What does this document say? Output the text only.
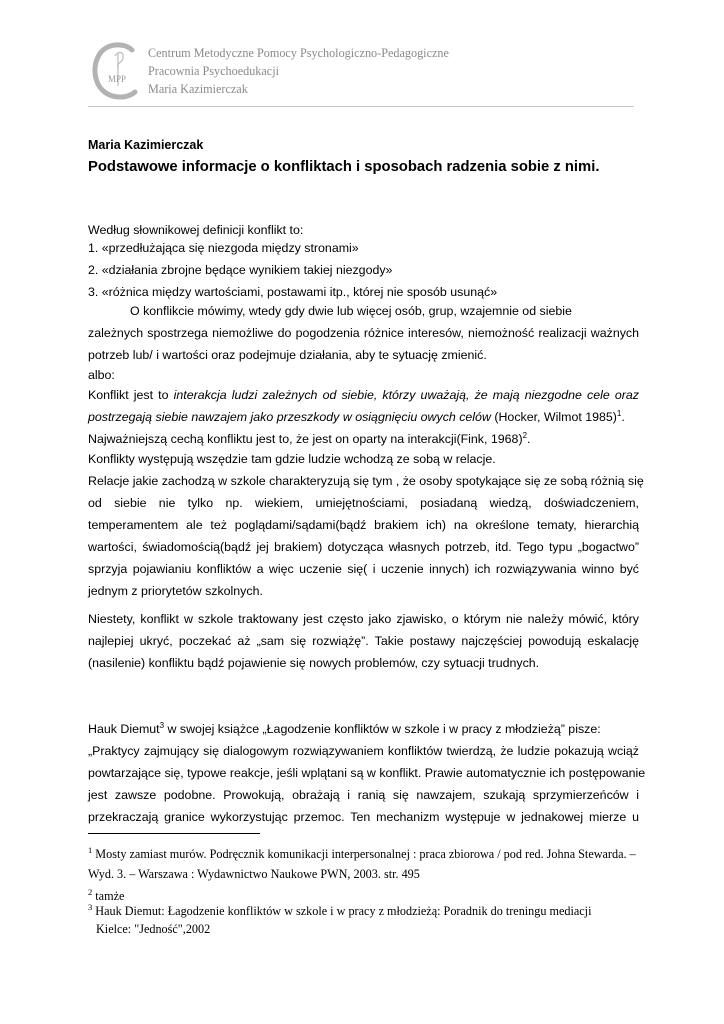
MPP
Centrum Metodyczne Pomocy Psychologiczno-Pedagogiczne
Pracownia Psychoedukacji
Maria Kazimierczak
Maria Kazimierczak
Podstawowe informacje o konfliktach i sposobach radzenia sobie z nimi.
Według słownikowej definicji konflikt to:
1. «przedłużająca się niezgoda między stronami»
2. «działania zbrojne będące wynikiem takiej niezgody»
3. «różnica między wartościami, postawami itp., której nie sposób usunąć»
O konflikcie mówimy, wtedy gdy dwie lub więcej osób, grup, wzajemnie od siebie
zależnych spostrzega niemożliwe do pogodzenia różnice interesów, niemożność realizacji ważnych
potrzeb lub/ i wartości oraz podejmuje działania, aby te sytuację zmienić.
albo:
Konflikt jest to interakcja ludzi zależnych od siebie, którzy uważają, że mają niezgodne cele oraz
postrzegają siebie nawzajem jako przeszkody w osiągnięciu owych celów (Hocker, Wilmot 1985)$^1$.
Najważniejszą cechą konfliktu jest to, że jest on oparty na interakcji(Fink, 1968)$^2$.
Konflikty występują wszędzie tam gdzie ludzie wchodzą ze sobą w relacje.
Relacje jakie zachodzą w szkole charakteryzują się tym , że osoby spotykające się ze sobą różnią się
od siebie nie tylko np. wiekiem, umiejętnościami, posiadaną wiedzą, doświadczeniem,
temperamentem ale też poglądami/sądami(bądź brakiem ich) na określone tematy, hierarchią
wartości, świadomością(bądź jej brakiem) dotycząca własnych potrzeb, itd. Tego typu „bogactwo”
sprzyja pojawianiu konfliktów a więc uczenie się( i uczenie innych) ich rozwiązywania winno być
jednym z priorytetów szkolnych.
Niestety, konflikt w szkole traktowany jest często jako zjawisko, o którym nie należy mówić, który
najlepiej ukryć, poczekać aż „sam się rozwiążę”. Takie postawy najczęściej powodują eskalację
(nasilenie) konfliktu bądź pojawienie się nowych problemów, czy sytuacji trudnych.
Hauk Diemut$^3$ w swojej książce „Łagodzenie konfliktów w szkole i w pracy z młodzieżą” pisze:
„Praktycy zajmujący się dialogowym rozwiązywaniem konfliktów twierdzą, że ludzie pokazują wciąż
powtarzające się, typowe reakcje, jeśli wplątani są w konflikt. Prawie automatycznie ich postępowanie
jest zawsze podobne. Prowokują, obrażają i ranią się nawzajem, szukają sprzymierzeńców i
przekraczają granice wykorzystując przemoc. Ten mechanizm występuje w jednakowej mierze u
$^1$ Mosty zamiast murów. Podręcznik komunikacji interpersonalnej : praca zbiorowa / pod red. Johna Stewarda. –
Wyd. 3. – Warszawa : Wydawnictwo Naukowe PWN, 2003. str. 495
$^2$ tamże
$^3$ Hauk Diemut: Łagodzenie konfliktów w szkole i w pracy z młodzieżą: Poradnik do treningu mediacji
Kielce: "Jedność",2002
